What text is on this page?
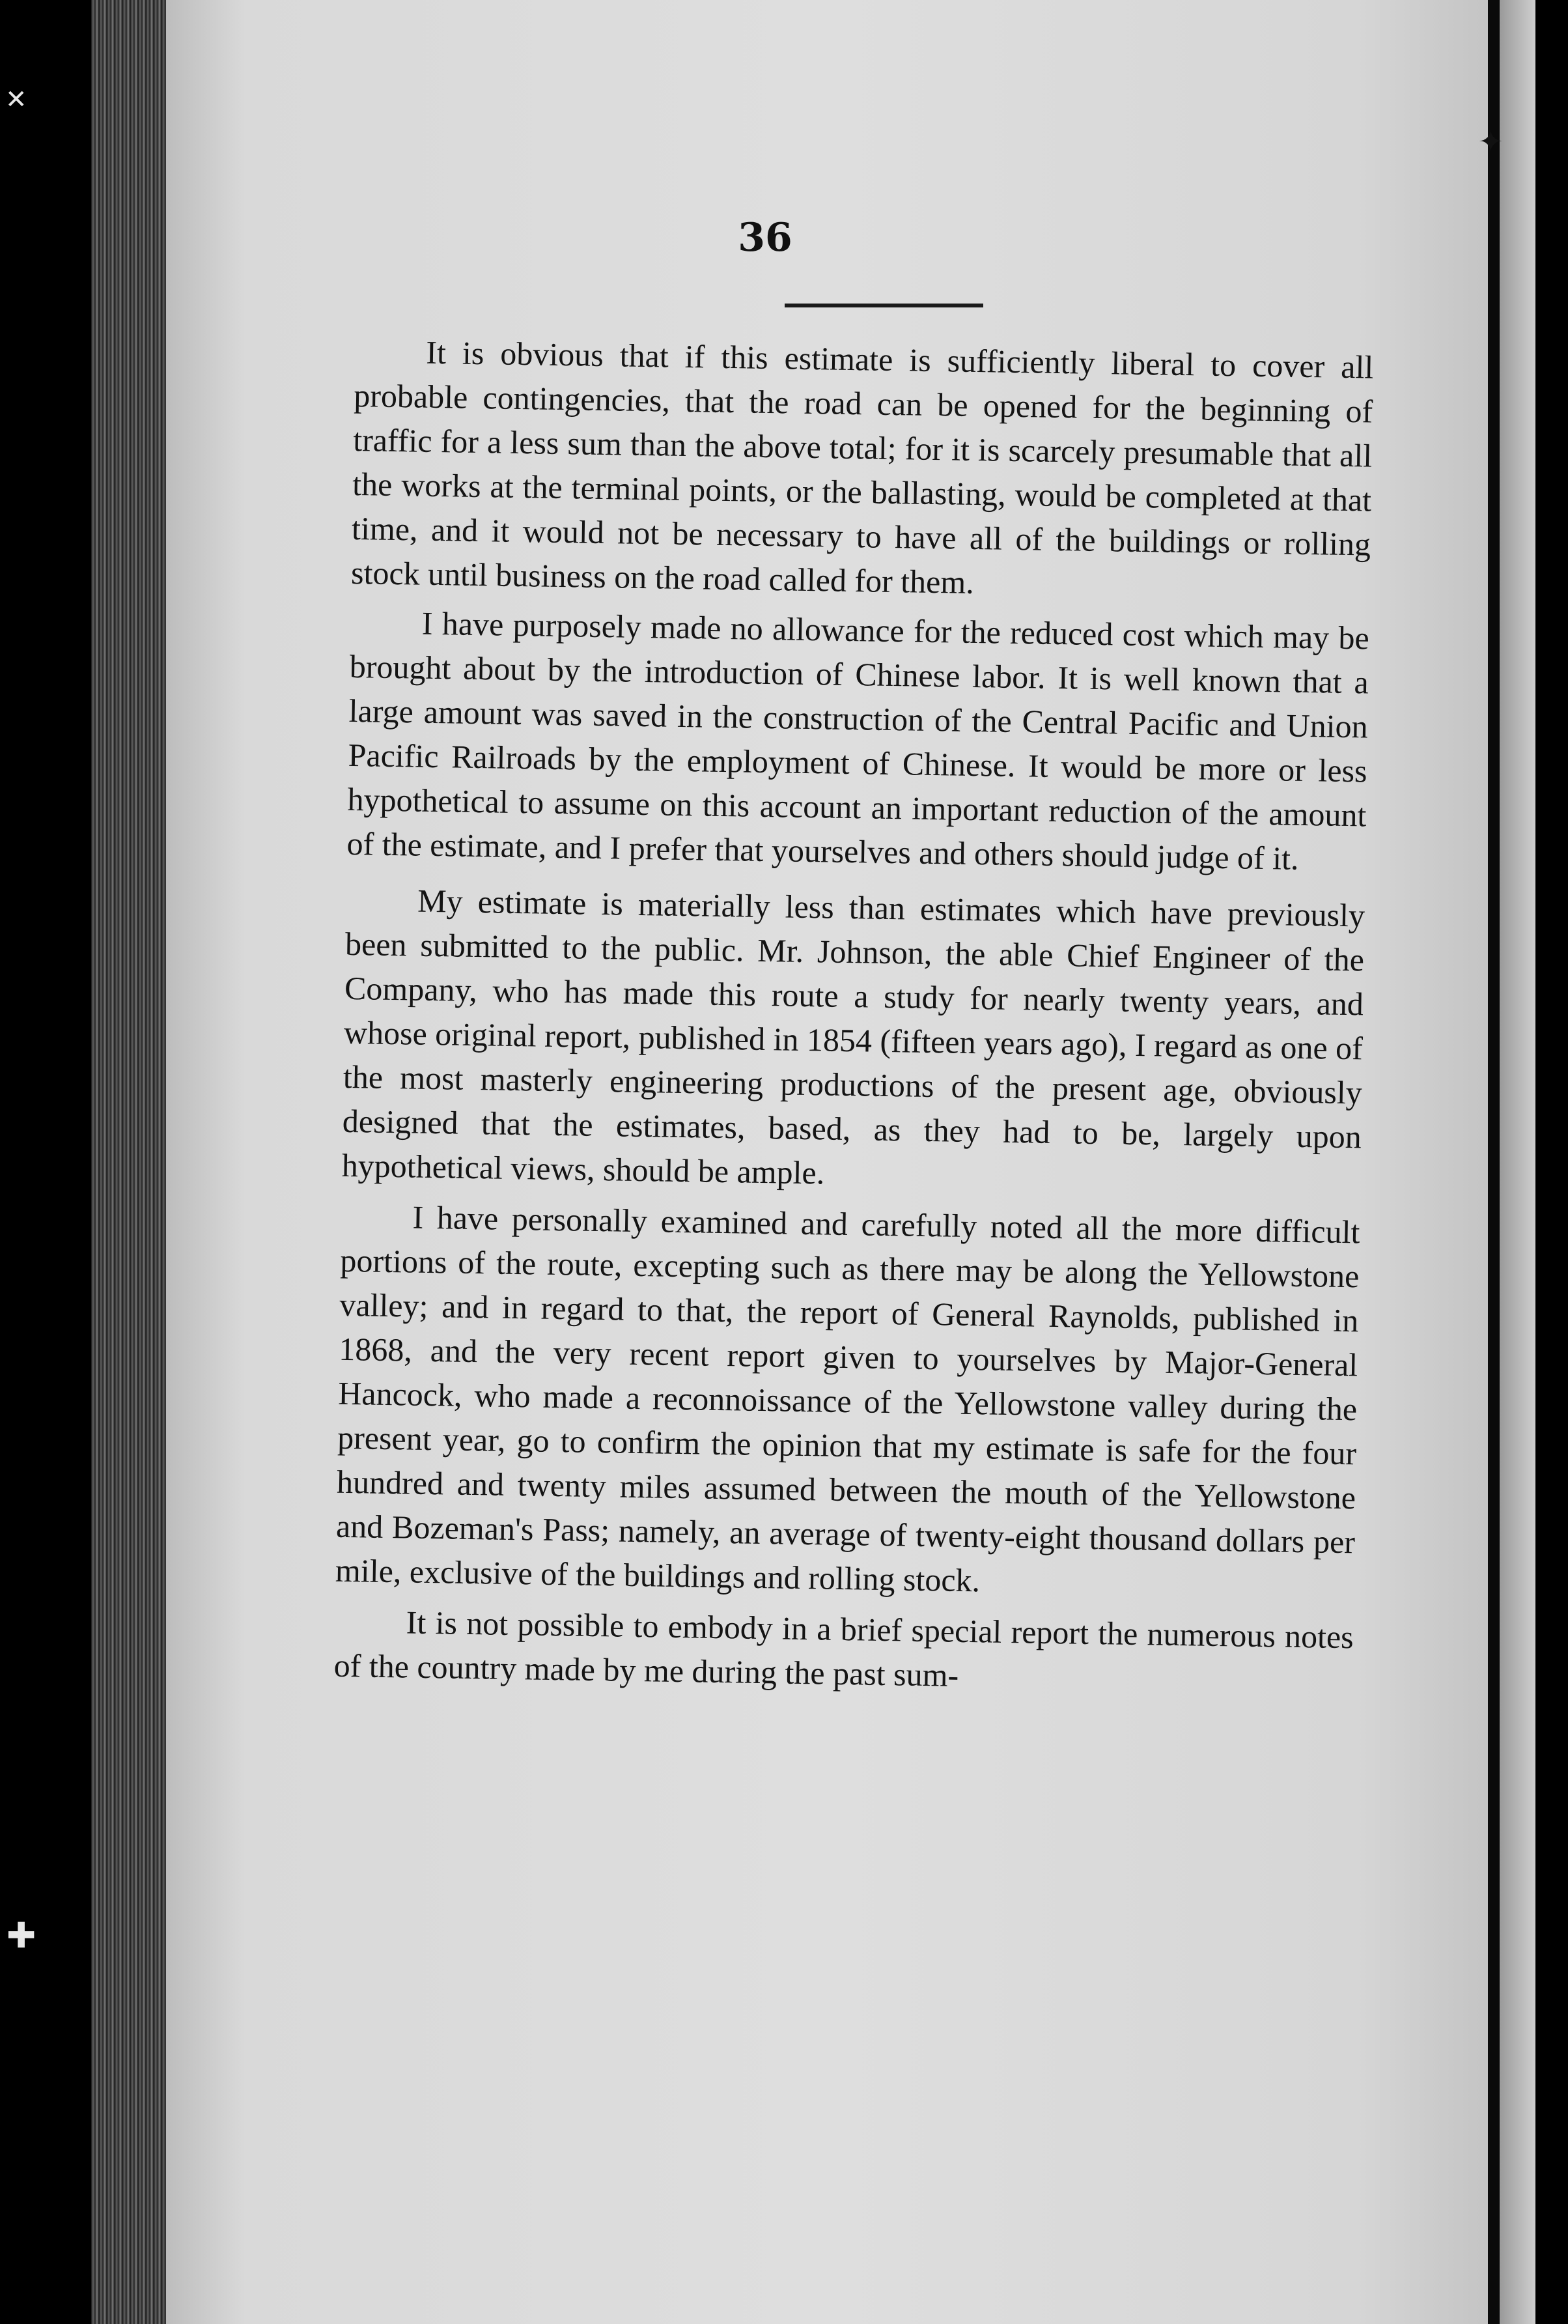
✕
✚
✦
36

It is obvious that if this estimate is sufficiently liberal to cover all probable contingencies, that the road can be opened for the beginning of traffic for a less sum than the above total; for it is scarcely presumable that all the works at the terminal points, or the ballasting, would be completed at that time, and it would not be necessary to have all of the buildings or rolling stock until business on the road called for them.

I have purposely made no allowance for the reduced cost which may be brought about by the introduction of Chinese labor. It is well known that a large amount was saved in the construction of the Central Pacific and Union Pacific Railroads by the employment of Chinese. It would be more or less hypothetical to assume on this account an important reduction of the amount of the estimate, and I prefer that yourselves and others should judge of it.

My estimate is materially less than estimates which have previously been submitted to the public. Mr. Johnson, the able Chief Engineer of the Company, who has made this route a study for nearly twenty years, and whose original report, published in 1854 (fifteen years ago), I regard as one of the most masterly engineering productions of the present age, obviously designed that the estimates, based, as they had to be, largely upon hypothetical views, should be ample.

I have personally examined and carefully noted all the more difficult portions of the route, excepting such as there may be along the Yellowstone valley; and in regard to that, the report of General Raynolds, published in 1868, and the very recent report given to yourselves by Major-General Hancock, who made a reconnoissance of the Yellowstone valley during the present year, go to confirm the opinion that my estimate is safe for the four hundred and twenty miles assumed between the mouth of the Yellowstone and Bozeman's Pass; namely, an average of twenty-eight thousand dollars per mile, exclusive of the buildings and rolling stock.

It is not possible to embody in a brief special report the numerous notes of the country made by me during the past sum-
